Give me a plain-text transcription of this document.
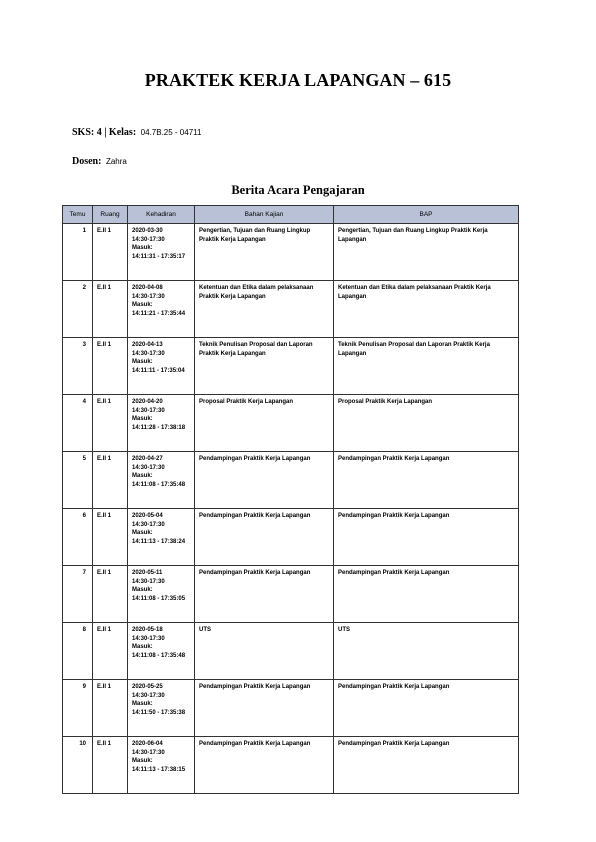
PRAKTEK KERJA LAPANGAN – 615
SKS: 4 | Kelas: 04.7B.25 - 04711
Dosen: Zahra
Berita Acara Pengajaran
Temu	Ruang	Kehadiran	Bahan Kajian	BAP
1	E.II 1	2020-03-30
14:30-17:30
Masuk:
14:11:31 - 17:35:17	Pengertian, Tujuan dan Ruang Lingkup Praktik Kerja Lapangan	Pengertian, Tujuan dan Ruang Lingkup Praktik Kerja Lapangan
2	E.II 1	2020-04-08
14:30-17:30
Masuk:
14:11:21 - 17:35:44	Ketentuan dan Etika dalam pelaksanaan Praktik Kerja Lapangan	Ketentuan dan Etika dalam pelaksanaan Praktik Kerja Lapangan
3	E.II 1	2020-04-13
14:30-17:30
Masuk:
14:11:11 - 17:35:04	Teknik Penulisan Proposal dan Laporan Praktik Kerja Lapangan	Teknik Penulisan Proposal dan Laporan Praktik Kerja Lapangan
4	E.II 1	2020-04-20
14:30-17:30
Masuk:
14:11:28 - 17:38:18	Proposal Praktik Kerja Lapangan	Proposal Praktik Kerja Lapangan
5	E.II 1	2020-04-27
14:30-17:30
Masuk:
14:11:08 - 17:35:48	Pendampingan Praktik Kerja Lapangan	Pendampingan Praktik Kerja Lapangan
6	E.II 1	2020-05-04
14:30-17:30
Masuk:
14:11:13 - 17:38:24	Pendampingan Praktik Kerja Lapangan	Pendampingan Praktik Kerja Lapangan
7	E.II 1	2020-05-11
14:30-17:30
Masuk:
14:11:08 - 17:35:05	Pendampingan Praktik Kerja Lapangan	Pendampingan Praktik Kerja Lapangan
8	E.II 1	2020-05-18
14:30-17:30
Masuk:
14:11:08 - 17:35:48	UTS	UTS
9	E.II 1	2020-05-25
14:30-17:30
Masuk:
14:11:50 - 17:35:38	Pendampingan Praktik Kerja Lapangan	Pendampingan Praktik Kerja Lapangan
10	E.II 1	2020-06-04
14:30-17:30
Masuk:
14:11:13 - 17:38:15	Pendampingan Praktik Kerja Lapangan	Pendampingan Praktik Kerja Lapangan
